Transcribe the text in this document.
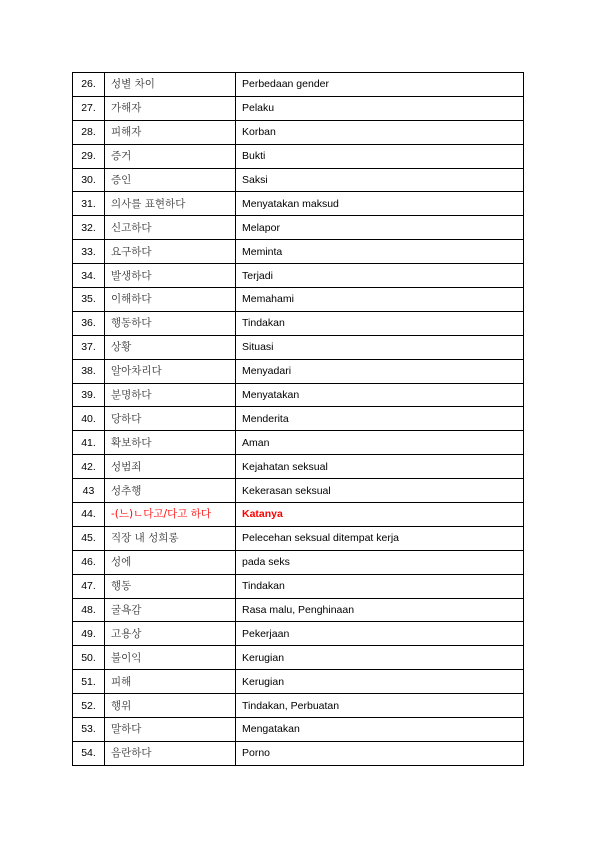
26.	성별 차이	Perbedaan gender
27.	가해자	Pelaku
28.	피해자	Korban
29.	증거	Bukti
30.	증인	Saksi
31.	의사를 표현하다	Menyatakan maksud
32.	신고하다	Melapor
33.	요구하다	Meminta
34.	발생하다	Terjadi
35.	이해하다	Memahami
36.	행동하다	Tindakan
37.	상황	Situasi
38.	알아차리다	Menyadari
39.	분명하다	Menyatakan
40.	당하다	Menderita
41.	확보하다	Aman
42.	성범죄	Kejahatan seksual
43	성추행	Kekerasan seksual
44.	-(느)ㄴ다고/다고 하다	Katanya
45.	직장 내 성희롱	Pelecehan seksual ditempat kerja
46.	성에	pada seks
47.	행동	Tindakan
48.	굴욕감	Rasa malu, Penghinaan
49.	고용상	Pekerjaan
50.	불이익	Kerugian
51.	피해	Kerugian
52.	행위	Tindakan, Perbuatan
53.	말하다	Mengatakan
54.	음란하다	Porno
